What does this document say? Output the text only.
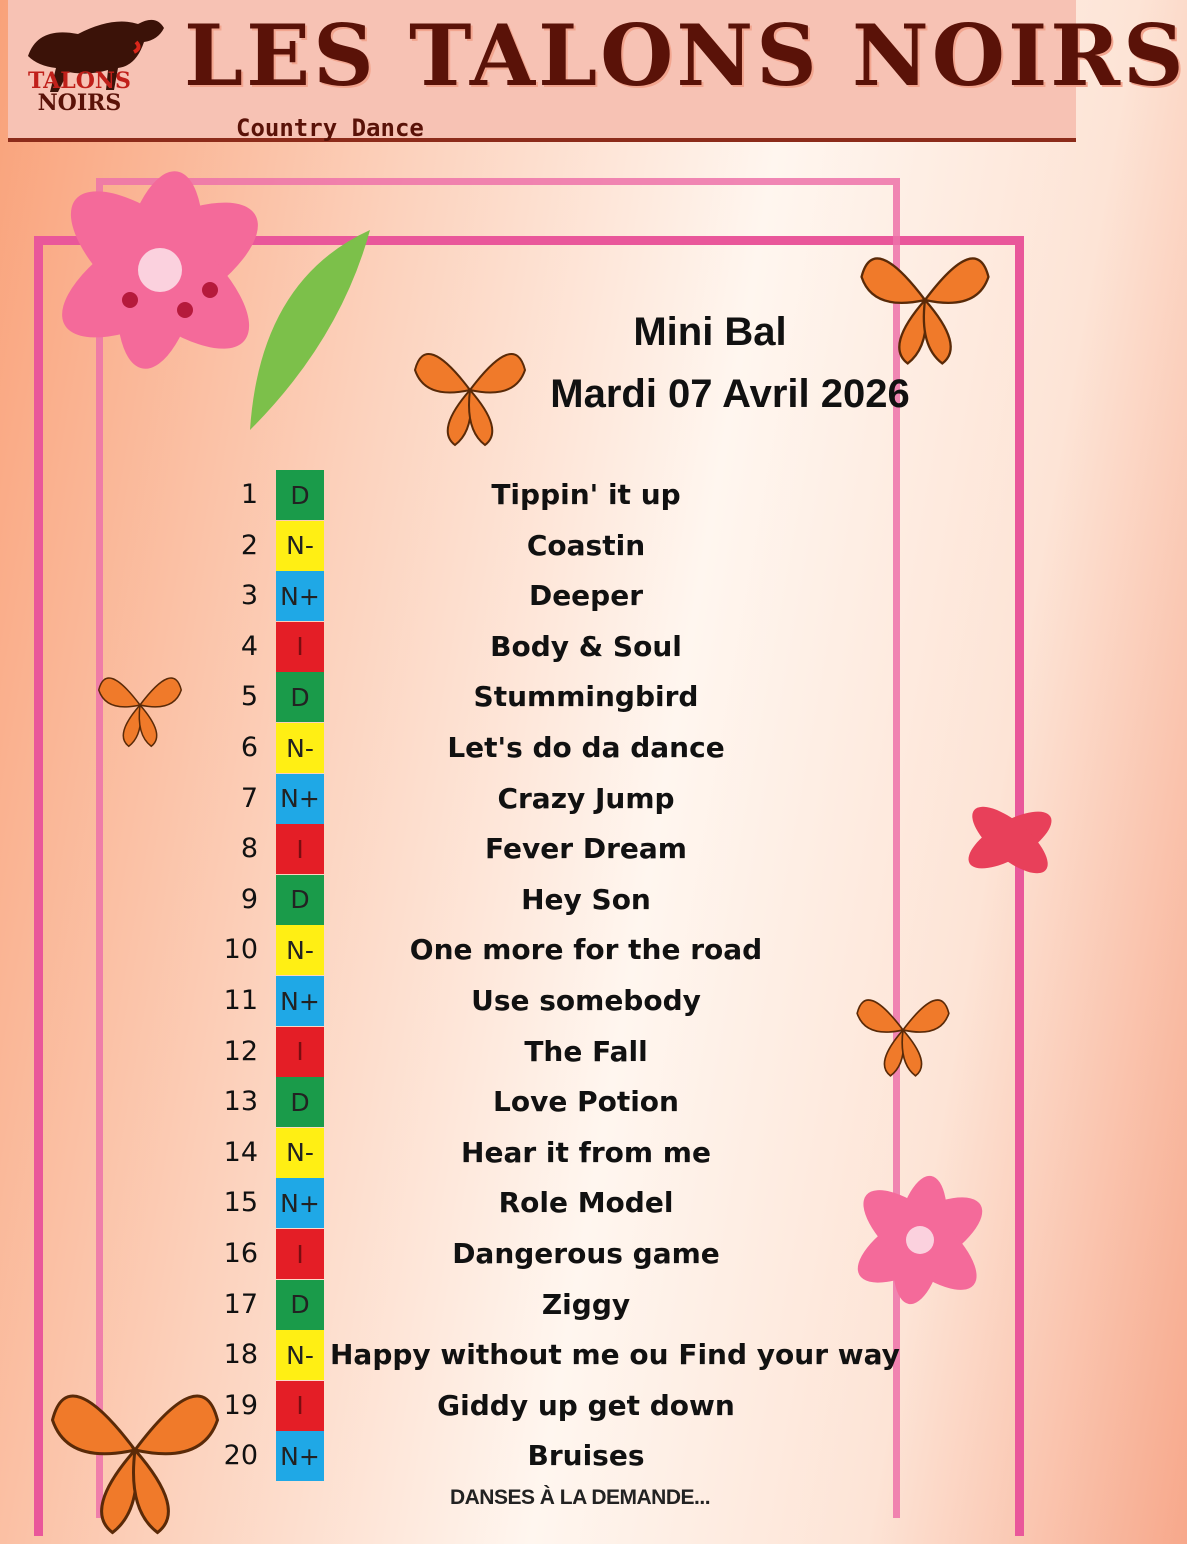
TALONS
NOIRS LES TALONS NOIRS
Country Dance
Mini Bal
Mardi 07 Avril 2026
1	D	Tippin' it up
2	N-	Coastin
3 N+	Deeper
4	I	Body & Soul
5	D	Stummingbird
6	N-	Let's do da dance
7 N+	Crazy Jump
8	I	Fever Dream
9	D	Hey Son
10	N-	One more for the road
11 N+	Use somebody
12	I	The Fall
13	D	Love Potion
14	N-	Hear it from me
15 N+	Role Model
16	I	Dangerous game
17	D	Ziggy
18	N- Happy without me ou Find your way
19	I	Giddy up get down
20 N+	Bruises
DANSES À LA DEMANDE...
